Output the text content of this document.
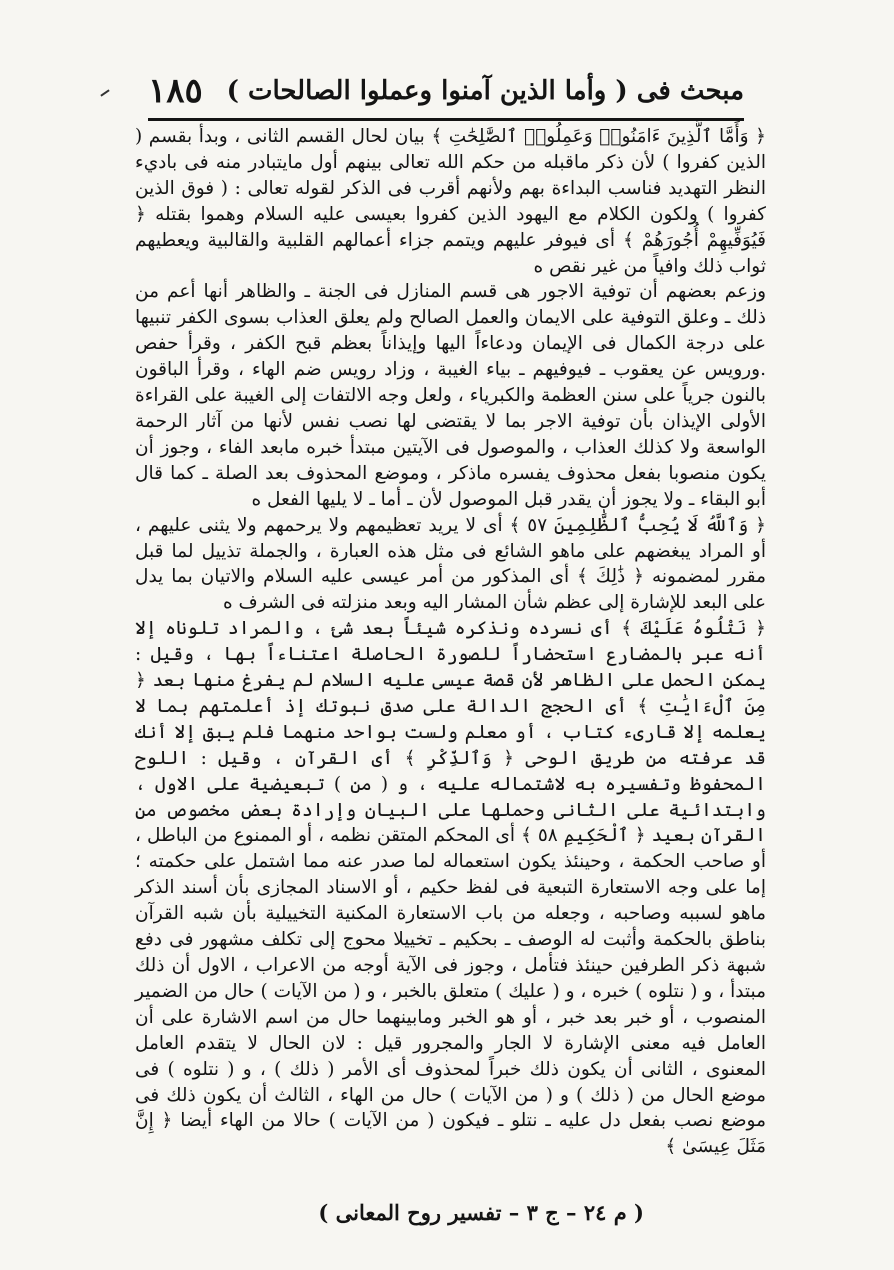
مبحث فى ( وأما الذين آمنوا وعملوا الصالحات )
١٨٥

﴿ وَأَمَّا ٱلَّذِينَ ءَامَنُوا۟ وَعَمِلُوا۟ ٱلصَّٰلِحَٰتِ ﴾ بيان لحال القسم الثانى ، وبدأ بقسم ( الذين كفروا ) لأن ذكر ماقبله من حكم الله تعالى بينهم أول مايتبادر منه فى باديء النظر التهديد فناسب البداءة بهم ولأنهم أقرب فى الذكر لقوله تعالى : ( فوق الذين كفروا ) ولكون الكلام مع اليهود الذين كفروا بعيسى عليه السلام وهموا بقتله ﴿ فَيُوَفِّيهِمْ أُجُورَهُمْ ﴾ أى فيوفر عليهم ويتمم جزاء أعمالهم القلبية والقالبية ويعطيهم ثواب ذلك وافياً من غير نقص ه

وزعم بعضهم أن توفية الاجور هى قسم المنازل فى الجنة ـ والظاهر أنها أعم من ذلك ـ وعلق التوفية على الايمان والعمل الصالح ولم يعلق العذاب بسوى الكفر تنبيها على درجة الكمال فى الإيمان ودعاءاً اليها وإيذاناً بعظم قبح الكفر ، وقرأ حفص .ورويس عن يعقوب ـ فيوفيهم ـ بياء الغيبة ، وزاد رويس ضم الهاء ، وقرأ الباقون بالنون جرياً على سنن العظمة والكبرياء ، ولعل وجه الالتفات إلى الغيبة على القراءة الأولى الإيذان بأن توفية الاجر بما لا يقتضى لها نصب نفس لأنها من آثار الرحمة الواسعة ولا كذلك العذاب ، والموصول فى الآيتين مبتدأ خبره مابعد الفاء ، وجوز أن يكون منصوبا بفعل محذوف يفسره ماذكر ، وموضع المحذوف بعد الصلة ـ كما قال أبو البقاء ـ ولا يجوز أن يقدر قبل الموصول لأن ـ أما ـ لا يليها الفعل ه

﴿ وَٱللَّهُ لَا يُحِبُّ ٱلظَّٰلِمِينَ ٥٧ ﴾ أى لا يريد تعظيمهم ولا يرحمهم ولا يثنى عليهم ، أو المراد يبغضهم على ماهو الشائع فى مثل هذه العبارة ، والجملة تذييل لما قبل مقرر لمضمونه ﴿ ذَٰلِكَ ﴾ أى المذكور من أمر عيسى عليه السلام والاتيان بما يدل على البعد للإشارة إلى عظم شأن المشار اليه وبعد منزلته فى الشرف ه

﴿ نَتْلُوهُ عَلَيْكَ ﴾ أى نسرده ونذكره شيئاً بعد شئ ، والمراد تلوناه إلا أنه عبر بالمضارع استحضاراً للصورة الحاصلة اعتناءاً بها ، وقيل : يمكن الحمل على الظاهر لأن قصة عيسى عليه السلام لم يفرغ منها بعد ﴿ مِنَ ٱلْءَايَٰتِ ﴾ أى الحجج الدالة على صدق نبوتك إذ أعلمتهم بما لا يعلمه إلا قارىء كتاب ، أو معلم ولست بواحد منهما فلم يبق إلا أنك قد عرفته من طريق الوحى ﴿ وَٱلذِّكْرِ ﴾ أى القرآن ، وقيل : اللوح المحفوظ وتفسيره به لاشتماله عليه ، و ( من ) تبعيضية على الاول ، وابتدائية على الثانى وحملها على البيان وإرادة بعض مخصوص من القرآن بعيد ﴿ ٱلْحَكِيمِ ٥٨ ﴾ أى المحكم المتقن نظمه ، أو الممنوع من الباطل ، أو صاحب الحكمة ، وحينئذ يكون استعماله لما صدر عنه مما اشتمل على حكمته ؛ إما على وجه الاستعارة التبعية فى لفظ حكيم ، أو الاسناد المجازى بأن أسند الذكر ماهو لسببه وصاحبه ، وجعله من باب الاستعارة المكنية التخييلية بأن شبه القرآن بناطق بالحكمة وأثبت له الوصف ـ بحكيم ـ تخييلا محوج إلى تكلف مشهور فى دفع شبهة ذكر الطرفين حينئذ فتأمل ، وجوز فى الآية أوجه من الاعراب ، الاول أن ذلك مبتدأ ، و ( نتلوه ) خبره ، و ( عليك ) متعلق بالخبر ، و ( من الآيات ) حال من الضمير المنصوب ، أو خبر بعد خبر ، أو هو الخبر ومابينهما حال من اسم الاشارة على أن العامل فيه معنى الإشارة لا الجار والمجرور قيل : لان الحال لا يتقدم العامل المعنوى ، الثانى أن يكون ذلك خبراً لمحذوف أى الأمر ( ذلك ) ، و ( نتلوه ) فى موضع الحال من ( ذلك ) و ( من الآيات ) حال من الهاء ، الثالث أن يكون ذلك فى موضع نصب بفعل دل عليه ـ نتلو ـ فيكون ( من الآيات ) حالا من الهاء أيضا ﴿ إِنَّ مَثَلَ عِيسَىٰ ﴾

( م ٢٤ – ج ٣ – تفسير روح المعانى )
